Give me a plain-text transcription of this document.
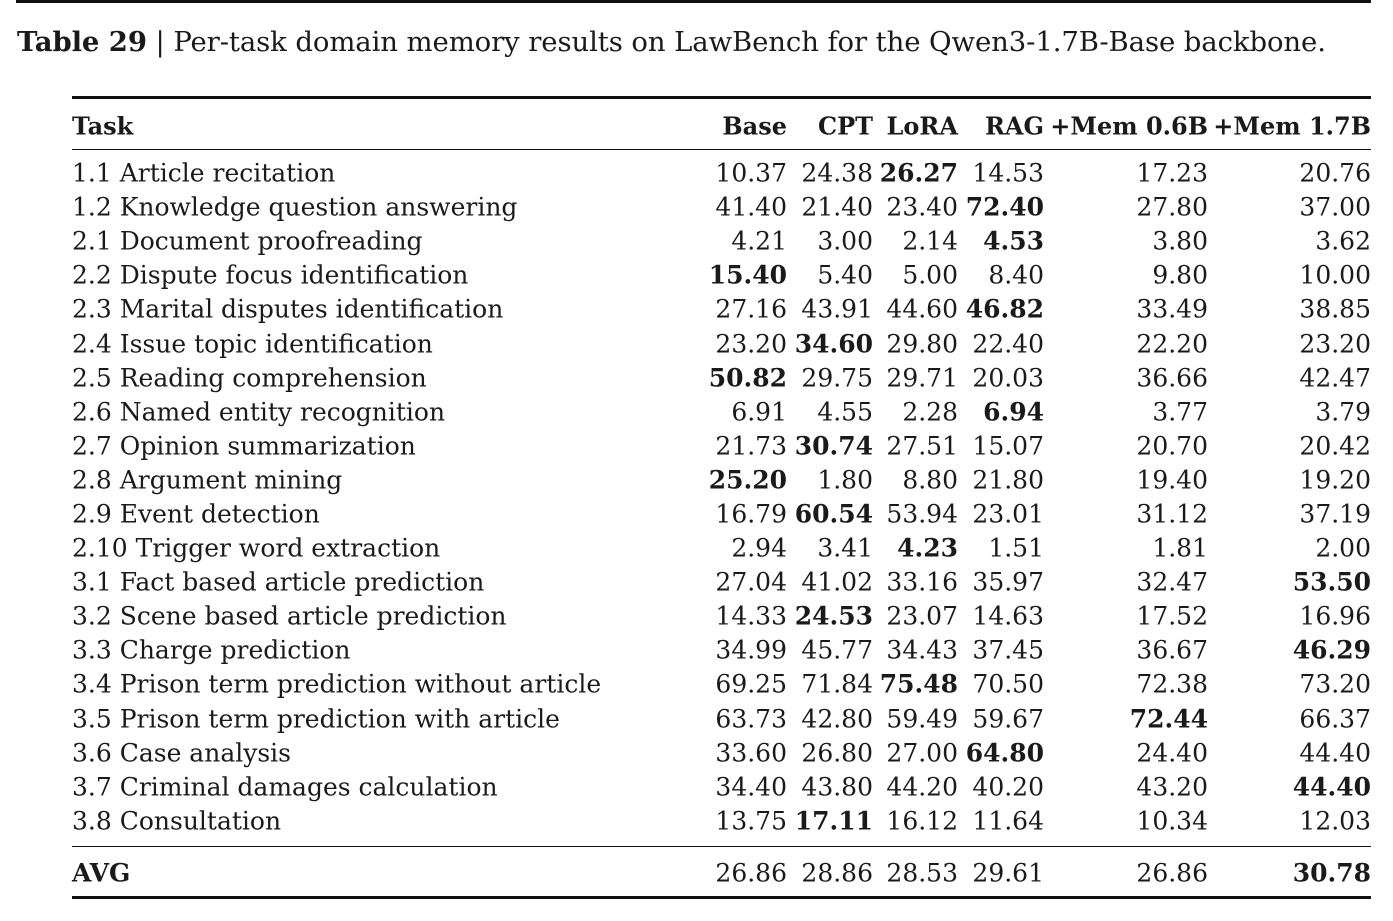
Table 29 | Per-task domain memory results on LawBench for the Qwen3-1.7B-Base backbone.
Task	Base CPT LoRA RAG +Mem 0.6B +Mem 1.7B
1.1 Article recitation	10.37 24.38 26.27 14.53	17.23	20.76
1.2 Knowledge question answering	41.40 21.40 23.40 72.40	27.80	37.00
2.1 Document proofreading	4.21 3.00 2.14 4.53	3.80	3.62
2.2 Dispute focus identification	15.40 5.40 5.00 8.40	9.80	10.00
2.3 Marital disputes identification	27.16 43.91 44.60 46.82	33.49	38.85
2.4 Issue topic identification	23.20 34.60 29.80 22.40	22.20	23.20
2.5 Reading comprehension	50.82 29.75 29.71 20.03	36.66	42.47
2.6 Named entity recognition	6.91 4.55 2.28 6.94	3.77	3.79
2.7 Opinion summarization	21.73 30.74 27.51 15.07	20.70	20.42
2.8 Argument mining	25.20 1.80 8.80 21.80	19.40	19.20
2.9 Event detection	16.79 60.54 53.94 23.01	31.12	37.19
2.10 Trigger word extraction	2.94 3.41 4.23 1.51	1.81	2.00
3.1 Fact based article prediction	27.04 41.02 33.16 35.97	32.47	53.50
3.2 Scene based article prediction	14.33 24.53 23.07 14.63	17.52	16.96
3.3 Charge prediction	34.99 45.77 34.43 37.45	36.67	46.29
3.4 Prison term prediction without article	69.25 71.84 75.48 70.50	72.38	73.20
3.5 Prison term prediction with article	63.73 42.80 59.49 59.67	72.44	66.37
3.6 Case analysis	33.60 26.80 27.00 64.80	24.40	44.40
3.7 Criminal damages calculation	34.40 43.80 44.20 40.20	43.20	44.40
3.8 Consultation	13.75 17.11 16.12 11.64	10.34	12.03
AVG	26.86 28.86 28.53 29.61	26.86	30.78
